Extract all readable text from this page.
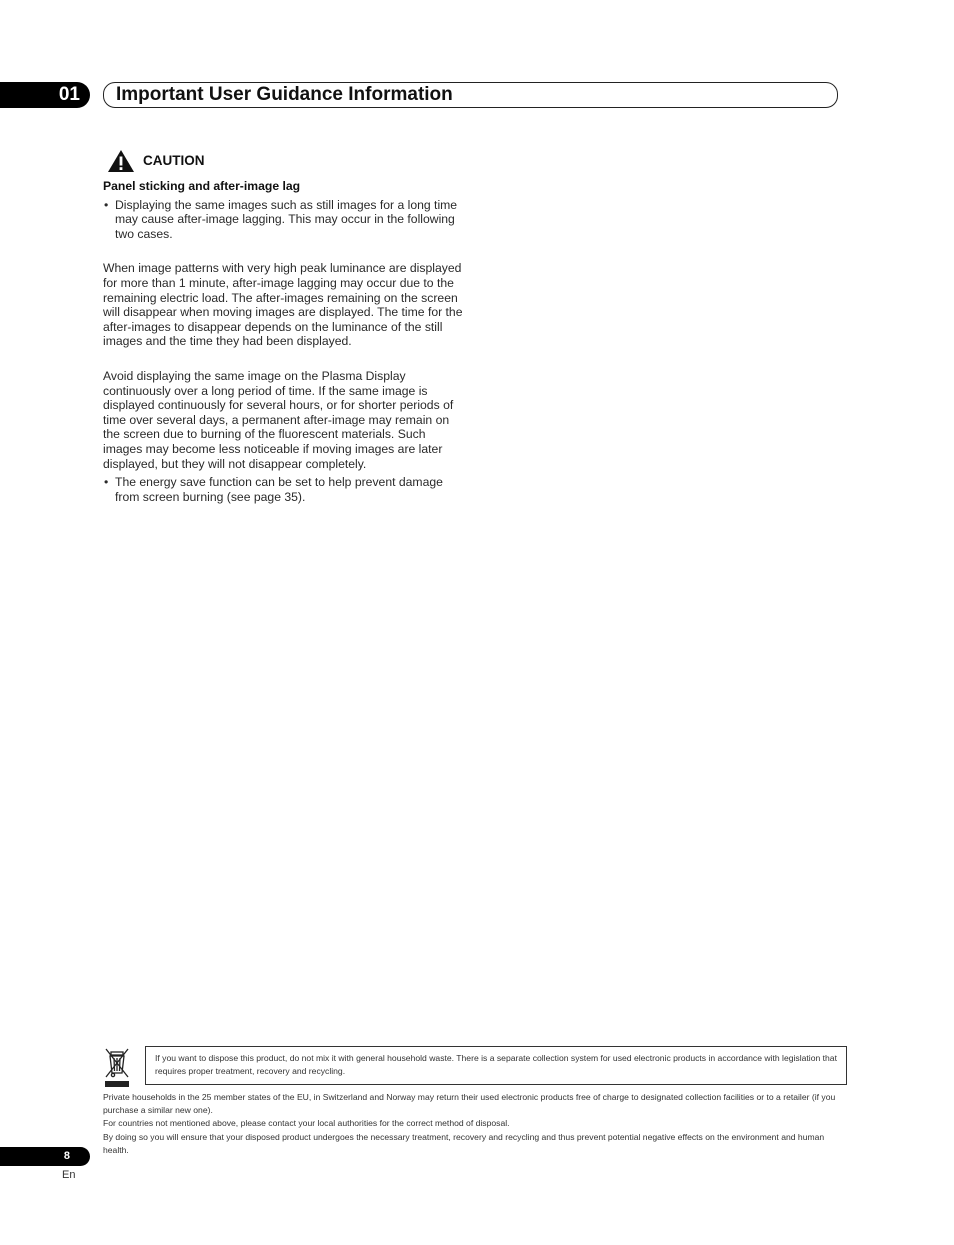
01 Important User Guidance Information
CAUTION
Panel sticking and after-image lag
• Displaying the same images such as still images for a long time may cause after-image lagging. This may occur in the following two cases.
When image patterns with very high peak luminance are displayed for more than 1 minute, after-image lagging may occur due to the remaining electric load. The after-images remaining on the screen will disappear when moving images are displayed. The time for the after-images to disappear depends on the luminance of the still images and the time they had been displayed.
Avoid displaying the same image on the Plasma Display continuously over a long period of time. If the same image is displayed continuously for several hours, or for shorter periods of time over several days, a permanent after-image may remain on the screen due to burning of the fluorescent materials. Such images may become less noticeable if moving images are later displayed, but they will not disappear completely.
• The energy save function can be set to help prevent damage from screen burning (see page 35).
If you want to dispose this product, do not mix it with general household waste. There is a separate collection system for used electronic products in accordance with legislation that requires proper treatment, recovery and recycling.
Private households in the 25 member states of the EU, in Switzerland and Norway may return their used electronic products free of charge to designated collection facilities or to a retailer (if you purchase a similar new one).
For countries not mentioned above, please contact your local authorities for the correct method of disposal.
By doing so you will ensure that your disposed product undergoes the necessary treatment, recovery and recycling and thus prevent potential negative effects on the environment and human health.
8
En
